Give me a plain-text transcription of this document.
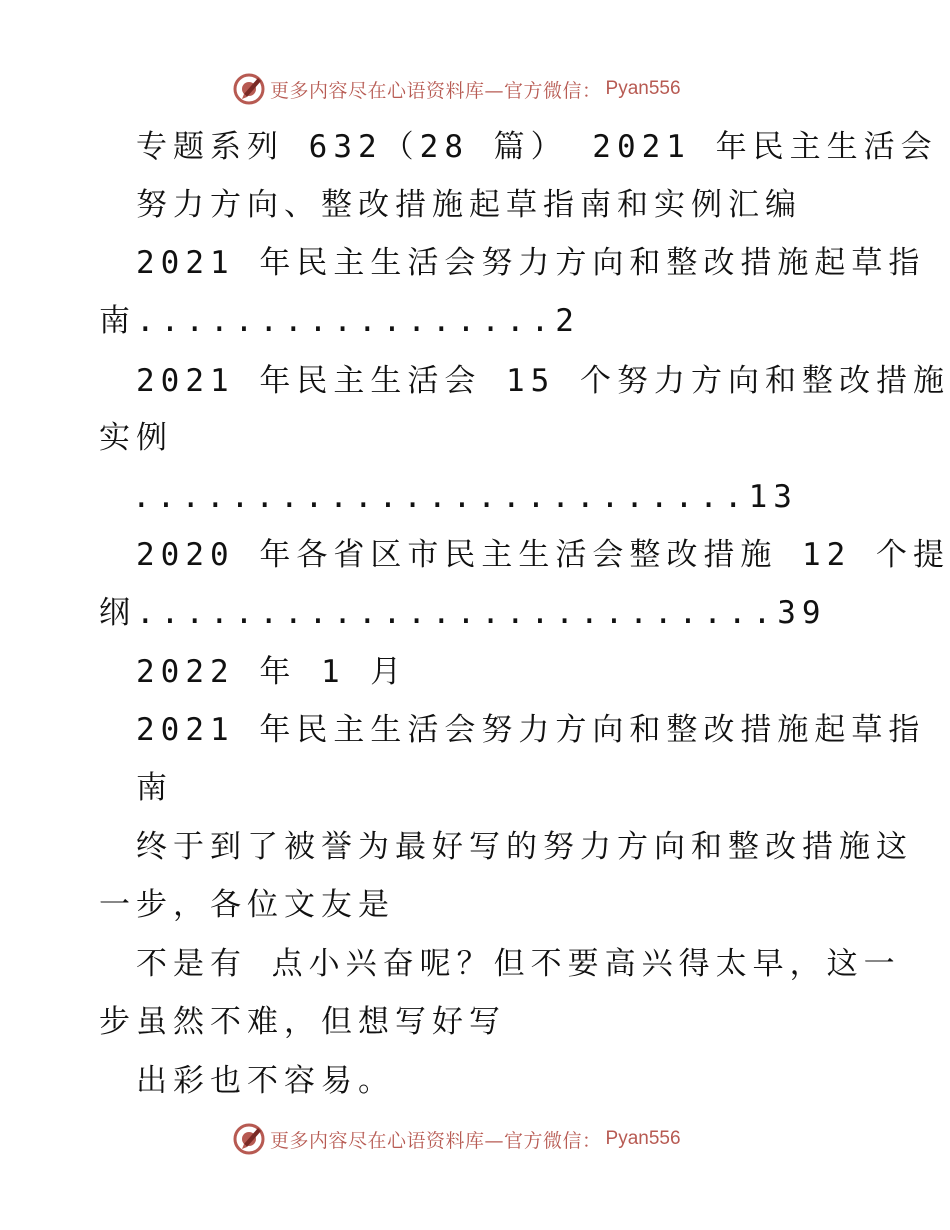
更多内容尽在心语资料库—官方微信： Pyan556
专题系列 632（28 篇） 2021 年民主生活会
努力方向、整改措施起草指南和实例汇编
2021 年民主生活会努力方向和整改措施起草指
南.................2
2021 年民主生活会 15 个努力方向和整改措施
实例
.........................13
2020 年各省区市民主生活会整改措施 12 个提
纲..........................39
2022 年 1 月
2021 年民主生活会努力方向和整改措施起草指
南
终于到了被誉为最好写的努力方向和整改措施这
一步，各位文友是
不是有 点小兴奋呢？但不要高兴得太早，这一
步虽然不难，但想写好写
出彩也不容易。
更多内容尽在心语资料库—官方微信： Pyan556
